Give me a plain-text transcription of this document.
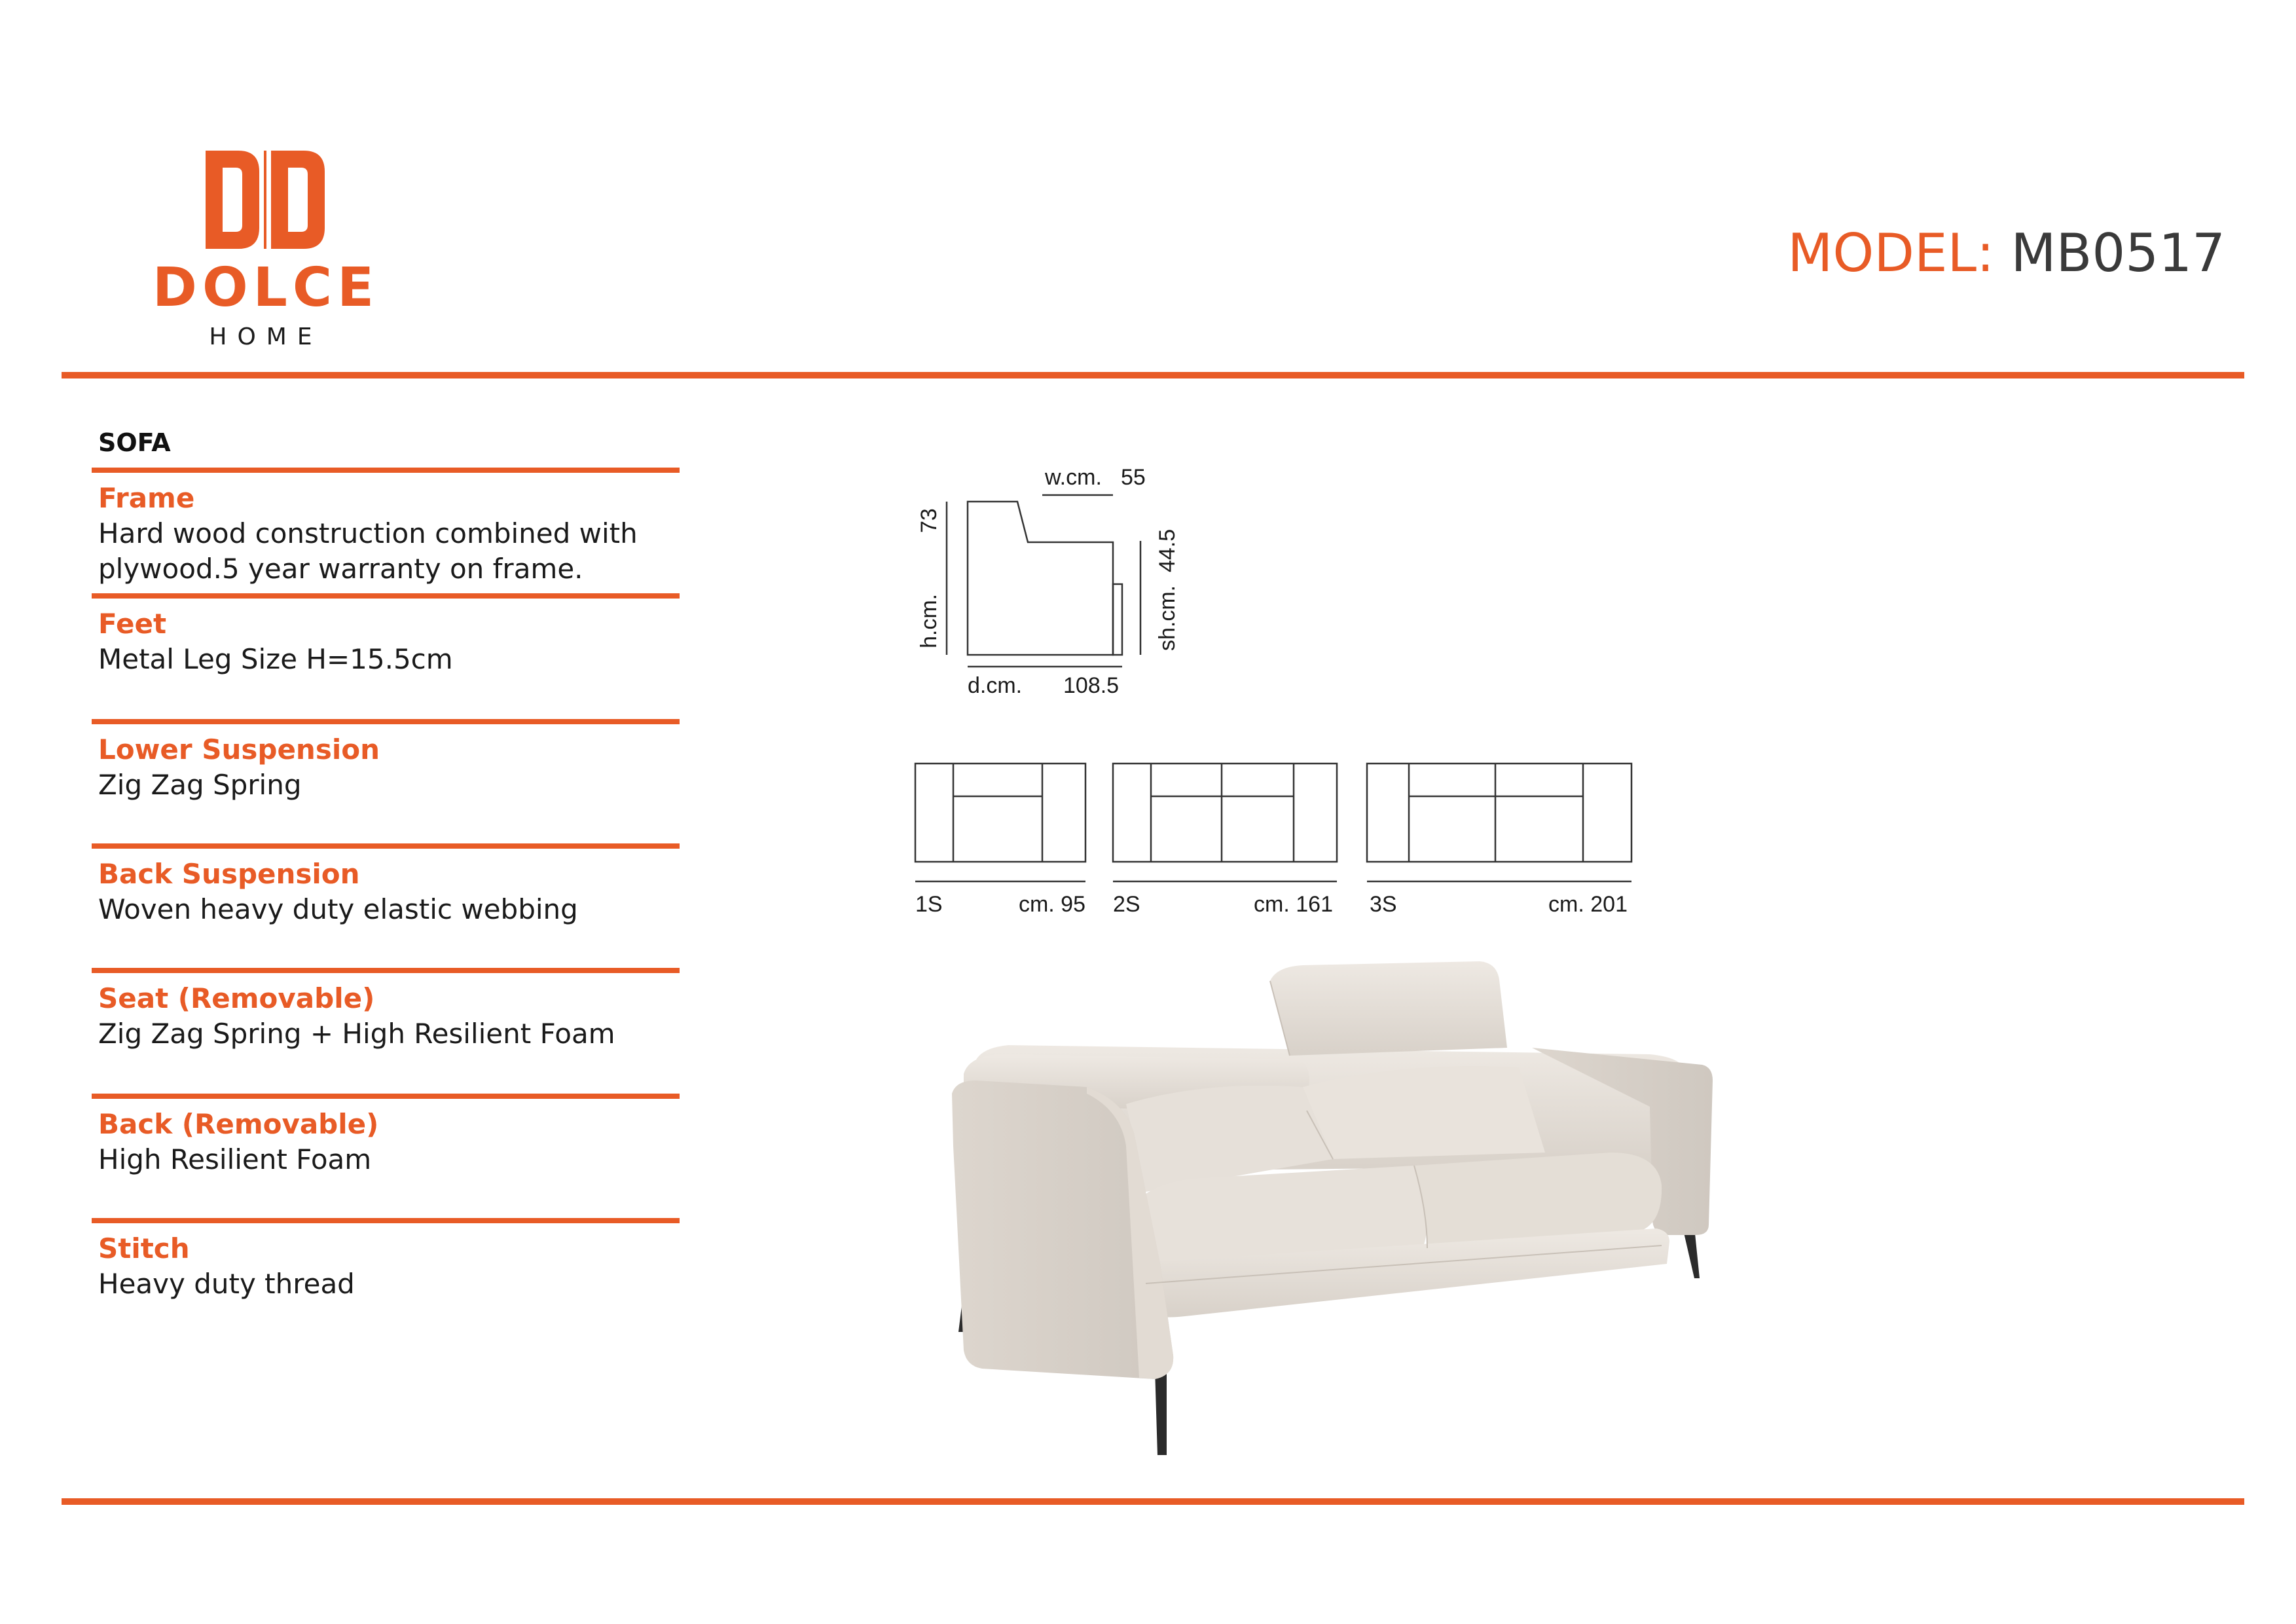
DOLCE
HOME
MODEL: MB0517
SOFA
Frame
Hard wood construction combined with plywood.5 year warranty on frame.
Feet
Metal Leg Size H=15.5cm
Lower Suspension
Zig Zag Spring
Back Suspension
Woven heavy duty elastic webbing
Seat (Removable)
Zig Zag Spring + High Resilient Foam
Back (Removable)
High Resilient Foam
Stitch
Heavy duty thread
w.cm. 55
h.cm.
73
sh.cm.
44.5
d.cm. 108.5
1S	cm. 95 2S	cm. 161 3S	cm. 201
